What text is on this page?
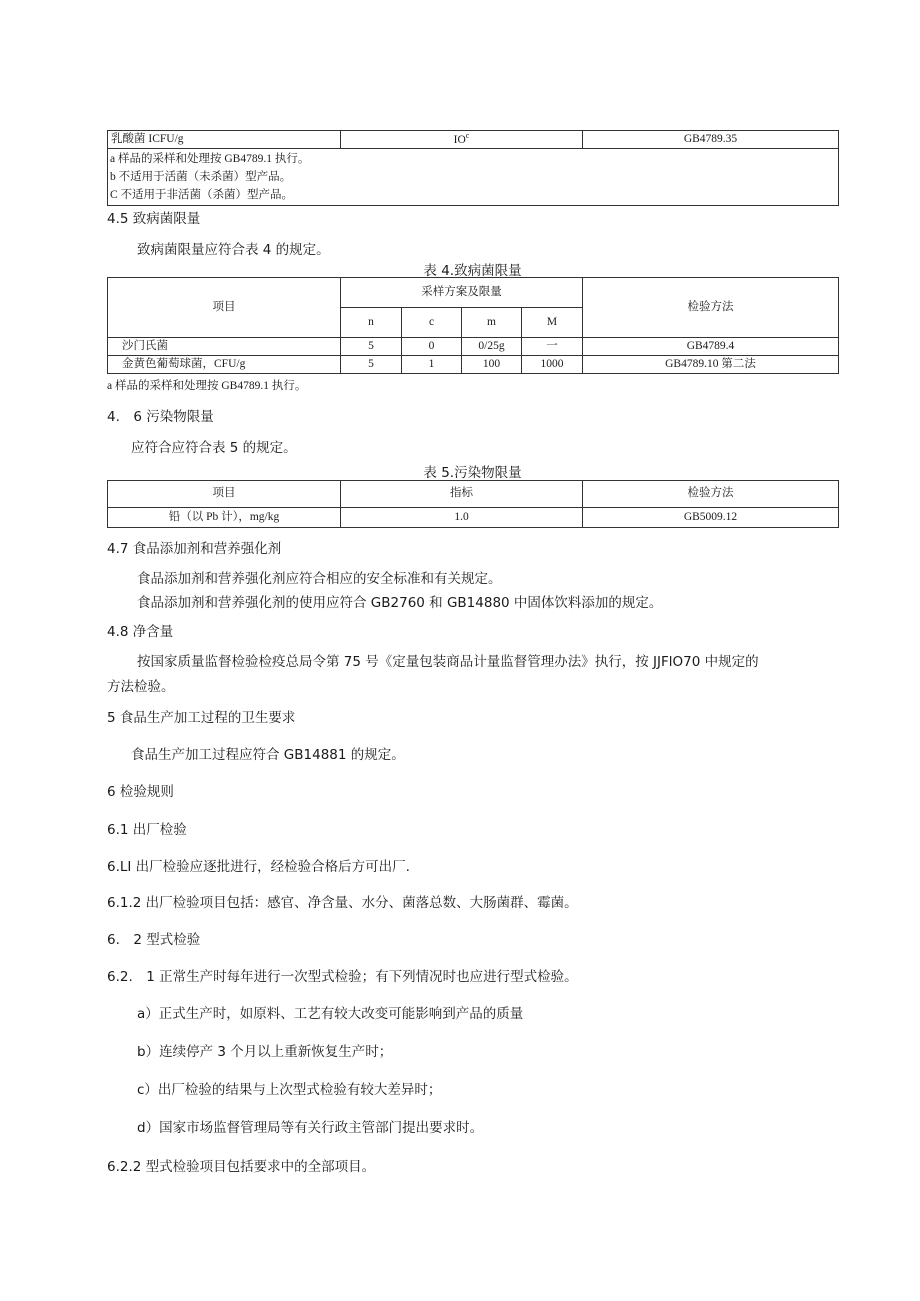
乳酸菌 ICFU/g	$IO^c$	GB4789.35

a 样品的采样和处理按 GB4789.1 执行。
b 不适用于活菌（未杀菌）型产品。
C 不适用于非活菌（杀菌）型产品。
4.5 致病菌限量
致病菌限量应符合表 4 的规定。
表 4.致病菌限量
项目	采样方案及限量				检验方法
	n	c	m	M	
沙门氏菌	5	0	0/25g	一	GB4789.4
金黄色葡萄球菌，CFU/g	5	1	100	1000	GB4789.10 第二法
a 样品的采样和处理按 GB4789.1 执行。
4.　6 污染物限量
应符合应符合表 5 的规定。
表 5.污染物限量
项目	指标	检验方法
铅（以 Pb 计），mg/kg	1.0	GB5009.12
4.7 食品添加剂和营养强化剂
食品添加剂和营养强化剂应符合相应的安全标准和有关规定。
食品添加剂和营养强化剂的使用应符合 GB2760 和 GB14880 中固体饮料添加的规定。
4.8 净含量
按国家质量监督检验检疫总局令第 75 号《定量包装商品计量监督管理办法》执行，按 JJFlO70 中规定的
方法检验。
5 食品生产加工过程的卫生要求
食品生产加工过程应符合 GB14881 的规定。
6 检验规则
6.1 出厂检验
6.LI 出厂检验应逐批进行，经检验合格后方可出厂.
6.1.2 出厂检验项目包括：感官、净含量、水分、菌落总数、大肠菌群、霉菌。
6.　2 型式检验
6.2.　1 正常生产时每年进行一次型式检验；有下列情况时也应进行型式检验。
a）正式生产时，如原料、工艺有较大改变可能影响到产品的质量
b）连续停产 3 个月以上重新恢复生产时；
c）出厂检验的结果与上次型式检验有较大差异时；
d）国家市场监督管理局等有关行政主管部门提出要求时。
6.2.2 型式检验项目包括要求中的全部项目。
